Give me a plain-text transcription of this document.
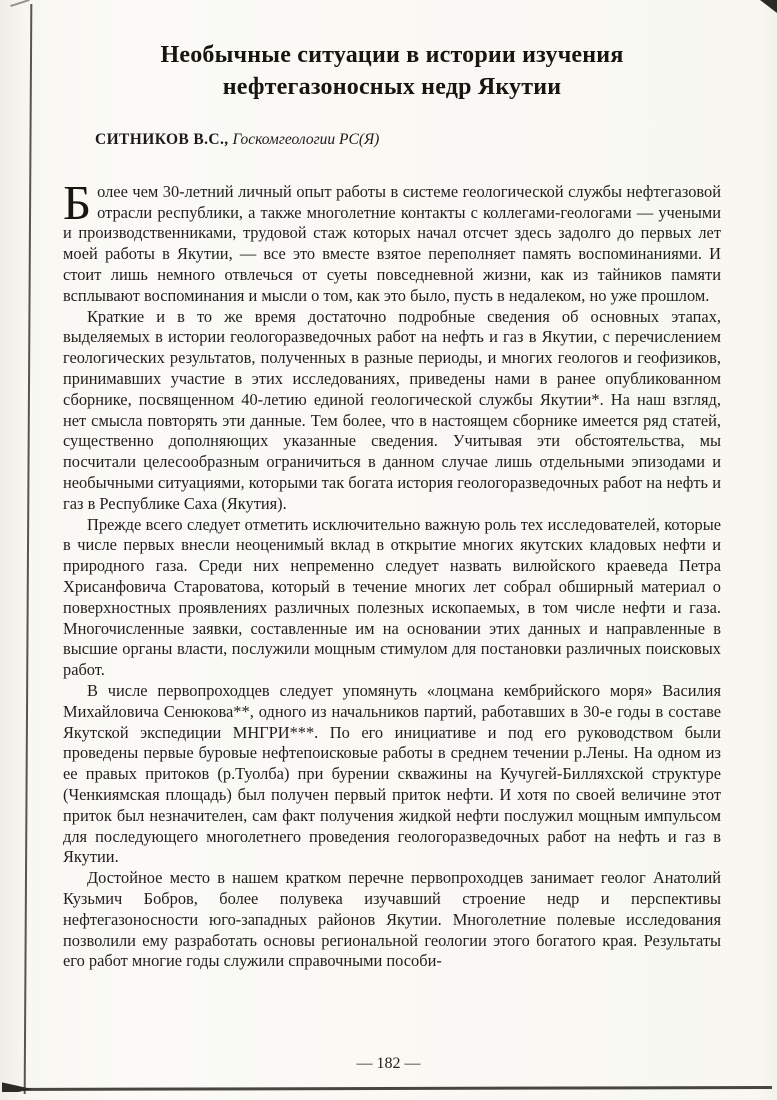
Необычные ситуации в истории изучения
нефтегазоносных недр Якутии

СИТНИКОВ В.С., Госкомгеологии РС(Я)

Б олее чем 30-летний личный опыт работы в системе геологической службы нефтегазовой отрасли республики, а также многолетние контакты с коллегами-геологами — учеными и производственниками, трудовой стаж которых начал отсчет здесь задолго до первых лет моей работы в Якутии, — все это вместе взятое переполняет память воспоминаниями. И стоит лишь немного отвлечься от суеты повседневной жизни, как из тайников памяти всплывают воспоминания и мысли о том, как это было, пусть в недалеком, но уже прошлом.

Краткие и в то же время достаточно подробные сведения об основных этапах, выделяемых в истории геологоразведочных работ на нефть и газ в Якутии, с перечислением геологических результатов, полученных в разные периоды, и многих геологов и геофизиков, принимавших участие в этих исследованиях, приведены нами в ранее опубликованном сборнике, посвященном 40-летию единой геологической службы Якутии*. На наш взгляд, нет смысла повторять эти данные. Тем более, что в настоящем сборнике имеется ряд статей, существенно дополняющих указанные сведения. Учитывая эти обстоятельства, мы посчитали целесообразным ограничиться в данном случае лишь отдельными эпизодами и необычными ситуациями, которыми так богата история геологоразведочных работ на нефть и газ в Республике Саха (Якутия).

Прежде всего следует отметить исключительно важную роль тех исследователей, которые в числе первых внесли неоценимый вклад в открытие многих якутских кладовых нефти и природного газа. Среди них непременно следует назвать вилюйского краеведа Петра Хрисанфовича Староватова, который в течение многих лет собрал обширный материал о поверхностных проявлениях различных полезных ископаемых, в том числе нефти и газа. Многочисленные заявки, составленные им на основании этих данных и направленные в высшие органы власти, послужили мощным стимулом для постановки различных поисковых работ.

В числе первопроходцев следует упомянуть «лоцмана кембрийского моря» Василия Михайловича Сенюкова**, одного из начальников партий, работавших в 30-е годы в составе Якутской экспедиции МНГРИ***. По его инициативе и под его руководством были проведены первые буровые нефтепоисковые работы в среднем течении р.Лены. На одном из ее правых притоков (р.Туолба) при бурении скважины на Кучугей-Билляхской структуре (Ченкиямская площадь) был получен первый приток нефти. И хотя по своей величине этот приток был незначителен, сам факт получения жидкой нефти послужил мощным импульсом для последующего многолетнего проведения геологоразведочных работ на нефть и газ в Якутии.

Достойное место в нашем кратком перечне первопроходцев занимает геолог Анатолий Кузьмич Бобров, более полувека изучавший строение недр и перспективы нефтегазоносности юго-западных районов Якутии. Многолетние полевые исследования позволили ему разработать основы региональной геологии этого богатого края. Результаты его работ многие годы служили справочными пособи-

— 182 —
